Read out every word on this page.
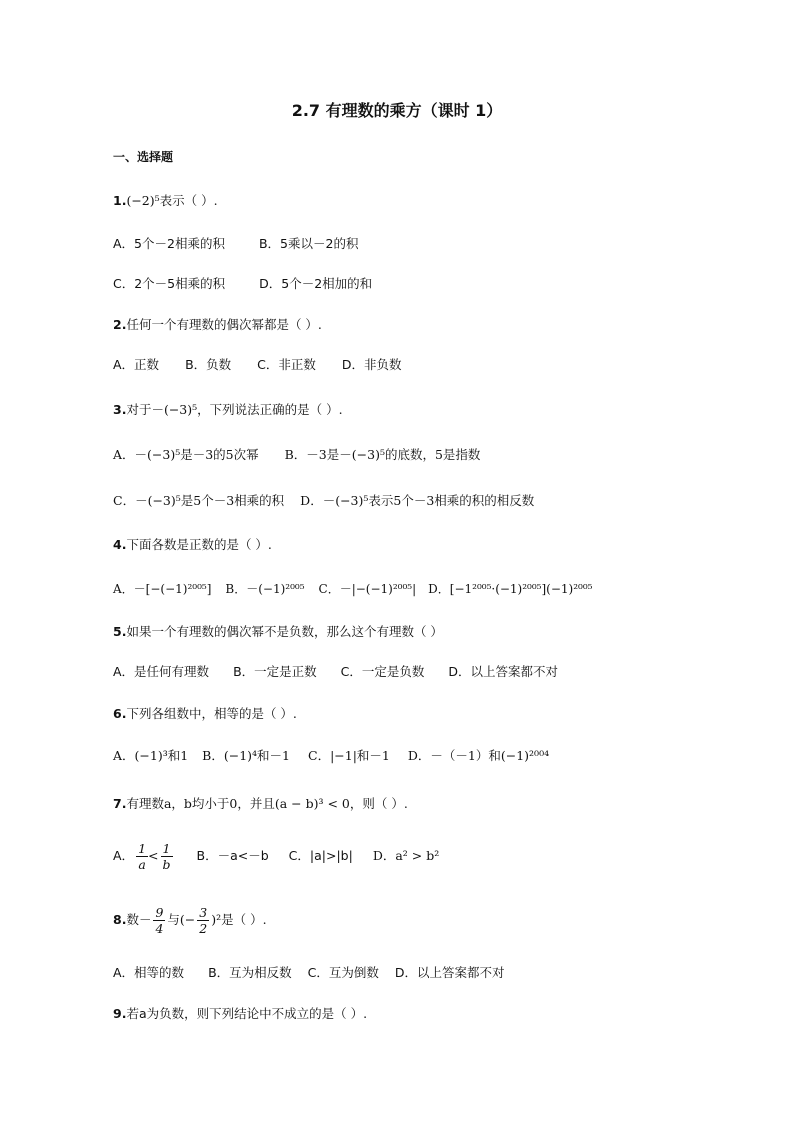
2.7 有理数的乘方（课时 1）
一、选择题
1.(−2)⁵表示（ ）.
A．5个－2相乘的积	B．5乘以－2的积
C．2个－5相乘的积	D．5个－2相加的和
2.任何一个有理数的偶次幂都是（ ）.
A．正数 B．负数 C．非正数 D．非负数
3.对于－(−3)⁵，下列说法正确的是（ ）.
A．－(−3)⁵是－3的5次幂 B．－3是－(−3)⁵的底数，5是指数
C．－(−3)⁵是5个－3相乘的积 D．－(−3)⁵表示5个－3相乘的积的相反数
4.下面各数是正数的是（ ）.
A．－[−(−1)²⁰⁰⁵] B．－(−1)²⁰⁰⁵ C．－|−(−1)²⁰⁰⁵| D．[−1²⁰⁰⁵·(−1)²⁰⁰⁵](−1)²⁰⁰⁵
5.如果一个有理数的偶次幂不是负数，那么这个有理数（ ）
A．是任何有理数 B．一定是正数 C．一定是负数 D．以上答案都不对
6.下列各组数中，相等的是（ ）.
A．(−1)³和1 B．(−1)⁴和－1 C．|−1|和－1 D．－（－1）和(−1)²⁰⁰⁴
7.有理数a，b均小于0，并且(a − b)³ < 0，则（ ）.
A． $\frac{1}{a} < \frac{1}{b}$ B．－a<－b C．|a|>|b| D．a² > b²
8.数－ $\frac{9}{4}$ 与(− $\frac{3}{2} )^2$是（ ）.
A．相等的数 B．互为相反数 C．互为倒数 D．以上答案都不对
9.若a为负数，则下列结论中不成立的是（ ）.
